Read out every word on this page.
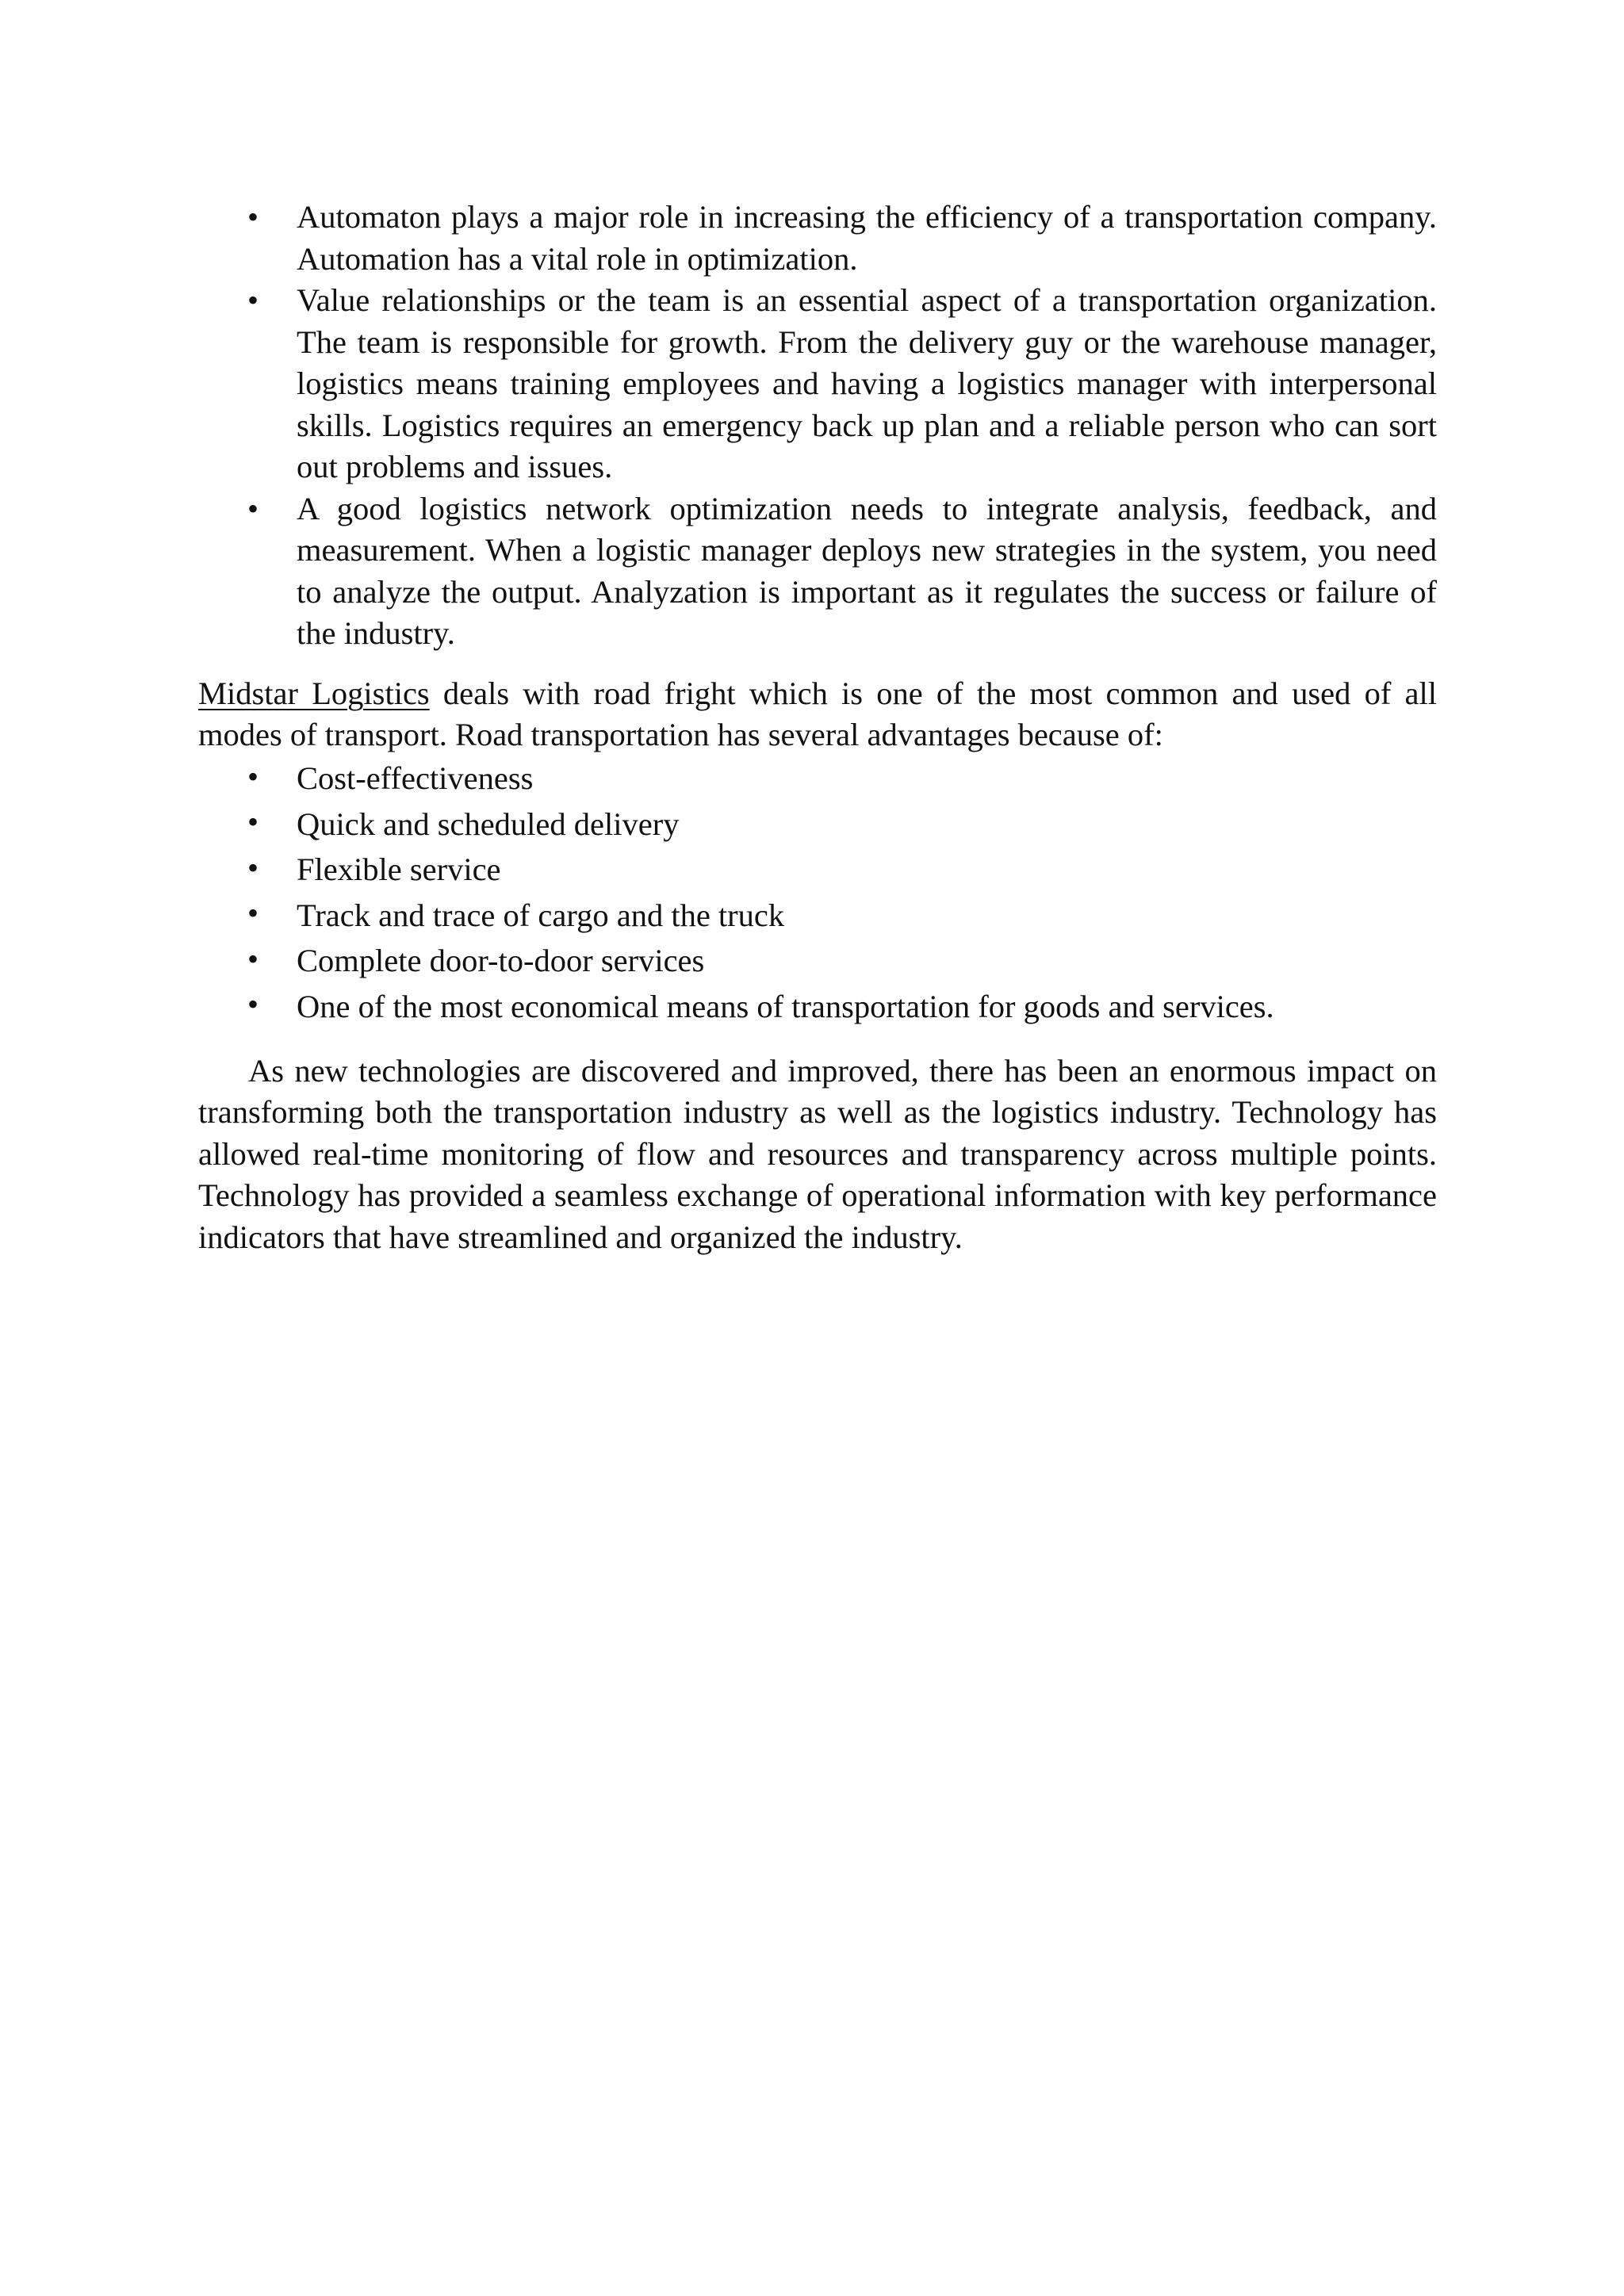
• Automaton plays a major role in increasing the efficiency of a transportation company. Automation has a vital role in optimization.
• Value relationships or the team is an essential aspect of a transportation organization. The team is responsible for growth. From the delivery guy or the warehouse manager, logistics means training employees and having a logistics manager with interpersonal skills. Logistics requires an emergency back up plan and a reliable person who can sort out problems and issues.
• A good logistics network optimization needs to integrate analysis, feedback, and measurement. When a logistic manager deploys new strategies in the system, you need to analyze the output. Analyzation is important as it regulates the success or failure of the industry.

Midstar Logistics deals with road fright which is one of the most common and used of all modes of transport. Road transportation has several advantages because of:

• Cost-effectiveness
• Quick and scheduled delivery
• Flexible service
• Track and trace of cargo and the truck
• Complete door-to-door services
• One of the most economical means of transportation for goods and services.

As new technologies are discovered and improved, there has been an enormous impact on transforming both the transportation industry as well as the logistics industry. Technology has allowed real-time monitoring of flow and resources and transparency across multiple points. Technology has provided a seamless exchange of operational information with key performance indicators that have streamlined and organized the industry.
